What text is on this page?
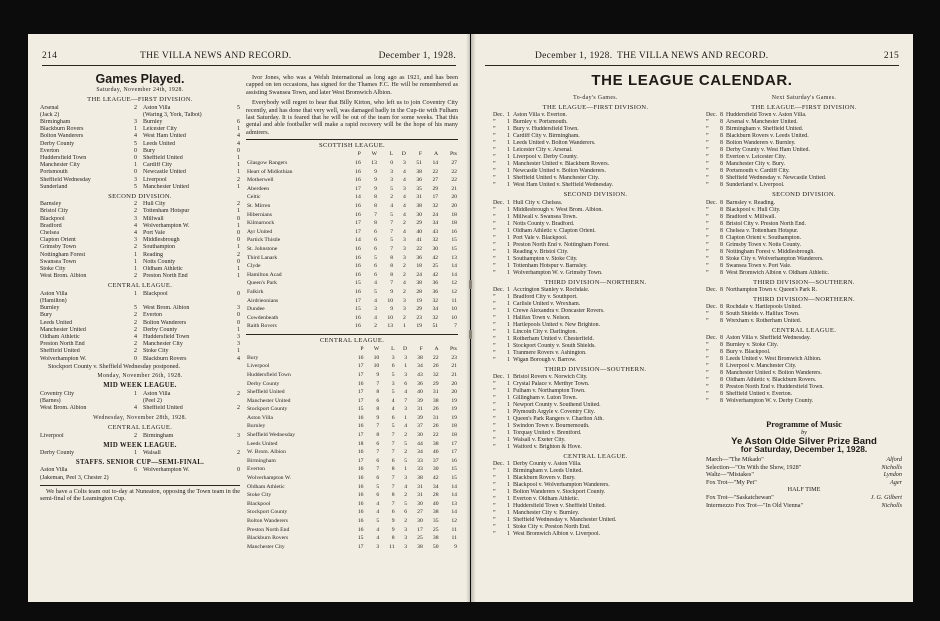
214	THE VILLA NEWS AND RECORD.	December 1, 1928.
Games Played.
Saturday, November 24th, 1928.
THE LEAGUE—FIRST DIVISION.
Arsenal	2 Aston Villa	5
(Jack 2)	(Waring 3, York, Talbot)
Birmingham	3 Burnley	6
Blackburn Rovers	1 Leicester City	1
Bolton Wanderers	4 West Ham United	4
Derby County	5 Leeds United	4
Everton	0 Bury	0
Huddersfield Town	0 Sheffield United	1
Manchester City	1 Cardiff City	1
Portsmouth	0 Newcastle United	1
Sheffield Wednesday	3 Liverpool	2
Sunderland	5 Manchester United	1
SECOND DIVISION.
Barnsley	2 Hull City	2
Bristol City	2 Tottenham Hotspur	1
Blackpool	3 Millwall	0
Bradford	4 Wolverhampton W.	1
Chelsea	4 Port Vale	0
Clapton Orient	3 Middlesbrough	0
Grimsby Town	2 Southampton	1
Nottingham Forest	1 Reading	2
Swansea Town	1 Notts County	0
Stoke City	1 Oldham Athletic	1
West Brom. Albion	2 Preston North End	1
CENTRAL LEAGUE.
Aston Villa	1 Blackpool	0
(Hamilton)
Burnley	5 West Brom. Albion	3
Bury	2 Everton	0
Leeds United	2 Bolton Wanderers	0
Manchester United	2 Derby County	1
Oldham Athletic	4 Huddersfield Town	3
Preston North End	2 Manchester City	3
Sheffield United	2 Stoke City	1
Wolverhampton W.	0 Blackburn Rovers	4
Stockport County v. Sheffield Wednesday postponed.
Monday, November 26th, 1928.
MID WEEK LEAGUE.
Coventry City	1 Aston Villa	2
(Barnes)	(Peel 2)
West Brom. Albion	4 Sheffield United	2
Wednesday, November 28th, 1928.
CENTRAL LEAGUE.
Liverpool	2 Birmingham	3
MID WEEK LEAGUE.
Derby County	1 Walsall	2
STAFFS. SENIOR CUP—SEMI-FINAL.
Aston Villa	6 Wolverhampton W.	0
(Jakeman, Peel 3, Chester 2)
We have a Colts team out to-day at Nuneaton, opposing the Town team in the semi-final of the Leamington Cup.

Ivor Jones, who was a Welsh International as long ago as 1921, and has been capped on ten occasions, has signed for the Thames F.C. He will be remembered as assisting Swansea Town, and later West Bromwich Albion.

Everybody will regret to hear that Billy Kirton, who left us to join Coventry City recently, and has done that very well, was damaged badly in the Cup-tie with Fulham last Saturday. It is feared that he will be out of the team for some weeks. That this genial and able footballer will make a rapid recovery will be the hope of his many admirers.

SCOTTISH LEAGUE.
	P	W	L	D	F	A	Pts
Glasgow Rangers	16	13	0	3	51	14	27
Heart of Midlothian	16	9	3	4	38	22	22
Motherwell	16	9	3	4	36	27	22
Aberdeen	17	9	5	3	35	29	21
Celtic	14	8	2	4	31	17	20
St. Mirren	16	8	4	4	38	32	20
Hibernians	16	7	5	4	30	24	18
Kilmarnock	17	8	7	2	29	34	18
Ayr United	17	6	7	4	40	43	16
Partick Thistle	14	6	5	3	41	32	15
St. Johnstone	16	6	7	3	22	30	15
Third Lanark	16	5	8	3	36	42	13
Clyde	16	6	8	2	18	25	14
Hamilton Acad	16	6	8	2	24	42	14
Queen's Park	15	4	7	4	38	36	12
Falkirk	16	5	9	2	28	36	12
Airdrieonians	17	4	10	3	19	32	11
Dundee	15	3	9	3	29	34	10
Cowdenbeath	16	4	10	2	23	32	10
Raith Rovers	16	2	13	1	19	51	7
CENTRAL LEAGUE.
	P	W	L	D	F	A	Pts
Bury	16	10	3	3	38	22	23
Liverpool	17	10	6	1	34	26	21
Huddersfield Town	17	9	5	3	43	32	21
Derby County	16	7	3	6	36	29	20
Sheffield United	17	8	5	4	40	31	20
Manchester United	17	6	4	7	39	38	19
Stockport County	15	8	4	3	31	26	19
Aston Villa	16	9	6	1	39	31	19
Burnley	16	7	5	4	37	26	18
Sheffield Wednesday	17	8	7	2	30	22	18
Leeds United	18	6	7	5	44	38	17
W. Brom. Albion	16	7	7	2	34	46	17
Birmingham	17	6	6	5	33	37	16
Everton	16	7	8	1	33	30	15
Wolverhampton W.	16	6	7	3	38	42	15
Oldham Athletic	16	5	7	4	31	34	14
Stoke City	16	6	8	2	31	28	14
Blackpool	16	4	7	5	30	40	13
Stockport County	16	4	6	6	27	38	14
Bolton Wanderers	16	5	9	2	30	35	12
Preston North End	16	4	9	3	17	25	11
Blackburn Rovers	15	4	8	3	25	38	11
Manchester City	17	3	11	3	38	50	9
December 1, 1928. THE VILLA NEWS AND RECORD.	215
THE LEAGUE CALENDAR.
To-day's Games.
THE LEAGUE—FIRST DIVISION.
Dec. 1 Aston Villa v. Everton.
”	1 Burnley v. Portsmouth.
”	1 Bury v. Huddersfield Town.
”	1 Cardiff City v. Birmingham.
”	1 Leeds United v. Bolton Wanderers.
”	1 Leicester City v. Arsenal.
”	1 Liverpool v. Derby County.
”	1 Manchester United v. Blackburn Rovers.
”	1 Newcastle United v. Bolton Wanderers.
”	1 Sheffield United v. Manchester City.
”	1 West Ham United v. Sheffield Wednesday.
SECOND DIVISION.
Dec. 1 Hull City v. Chelsea.
”	1 Middlesbrough v. West Brom. Albion.
”	1 Millwall v. Swansea Town.
”	1 Notts County v. Bradford.
”	1 Oldham Athletic v. Clapton Orient.
”	1 Port Vale v. Blackpool.
”	1 Preston North End v. Nottingham Forest.
”	1 Reading v. Bristol City.
”	1 Southampton v. Stoke City.
”	1 Tottenham Hotspur v. Barnsley.
”	1 Wolverhampton W. v. Grimsby Town.
THIRD DIVISION—NORTHERN.
Dec. 1 Accrington Stanley v. Rochdale.
”	1 Bradford City v. Southport.
”	1 Carlisle United v. Wrexham.
”	1 Crewe Alexandra v. Doncaster Rovers.
”	1 Halifax Town v. Nelson.
”	1 Hartlepools United v. New Brighton.
”	1 Lincoln City v. Darlington.
”	1 Rotherham United v. Chesterfield.
”	1 Stockport County v. South Shields.
”	1 Tranmere Rovers v. Ashington.
”	1 Wigan Borough v. Barrow.
THIRD DIVISION—SOUTHERN.
Dec. 1 Bristol Rovers v. Norwich City.
”	1 Crystal Palace v. Merthyr Town.
”	1 Fulham v. Northampton Town.
”	1 Gillingham v. Luton Town.
”	1 Newport County v. Southend United.
”	1 Plymouth Argyle v. Coventry City.
”	1 Queen's Park Rangers v. Charlton Ath.
”	1 Swindon Town v. Bournemouth.
”	1 Torquay United v. Brentford.
”	1 Walsall v. Exeter City.
”	1 Watford v. Brighton & Hove.
CENTRAL LEAGUE.
Dec. 1 Derby County v. Aston Villa.
”	1 Birmingham v. Leeds United.
”	1 Blackburn Rovers v. Bury.
”	1 Blackpool v. Wolverhampton Wanderers.
”	1 Bolton Wanderers v. Stockport County.
”	1 Everton v. Oldham Athletic.
”	1 Huddersfield Town v. Sheffield United.
”	1 Manchester City v. Burnley.
”	1 Sheffield Wednesday v. Manchester United.
”	1 Stoke City v. Preston North End.
”	1 West Bromwich Albion v. Liverpool.
Next Saturday's Games.
THE LEAGUE—FIRST DIVISION.
Dec. 8 Huddersfield Town v. Aston Villa.
”	8 Arsenal v. Manchester United.
”	8 Birmingham v. Sheffield United.
”	8 Blackburn Rovers v. Leeds United.
”	8 Bolton Wanderers v. Burnley.
”	8 Derby County v. West Ham United.
”	8 Everton v. Leicester City.
”	8 Manchester City v. Bury.
”	8 Portsmouth v. Cardiff City.
”	8 Sheffield Wednesday v. Newcastle United.
”	8 Sunderland v. Liverpool.
SECOND DIVISION.
Dec. 8 Barnsley v. Reading.
”	8 Blackpool v. Hull City.
”	8 Bradford v. Millwall.
”	8 Bristol City v. Preston North End.
”	8 Chelsea v. Tottenham Hotspur.
”	8 Clapton Orient v. Southampton.
”	8 Grimsby Town v. Notts County.
”	8 Nottingham Forest v. Middlesbrough.
”	8 Stoke City v. Wolverhampton Wanderers.
”	8 Swansea Town v. Port Vale.
”	8 West Bromwich Albion v. Oldham Athletic.
THIRD DIVISION—SOUTHERN.
Dec. 8 Northampton Town v. Queen's Park R.
THIRD DIVISION—NORTHERN.
Dec. 8 Rochdale v. Hartlepools United.
”	8 South Shields v. Halifax Town.
”	8 Wrexham v. Rotherham United.
CENTRAL LEAGUE.
Dec. 8 Aston Villa v. Sheffield Wednesday.
”	8 Burnley v. Stoke City.
”	8 Bury v. Blackpool.
”	8 Leeds United v. West Bromwich Albion.
”	8 Liverpool v. Manchester City.
”	8 Manchester United v. Bolton Wanderers.
”	8 Oldham Athletic v. Blackburn Rovers.
”	8 Preston North End v. Huddersfield Town.
”	8 Sheffield United v. Everton.
”	8 Wolverhampton W. v. Derby County.
Programme of Music
by
Ye Aston Olde Silver Prize Band
for Saturday, December 1, 1928.
March—"The Mikado"	Alford
Selection—"On With the Show, 1928"	Nicholls
Waltz—"Mistakes"	Lyndon
Fox Trot—"My Pet"	Ager
HALF TIME
Fox Trot—"Saskatchewan"	J. G. Gilbert
Intermezzo Fox Trot—"In Old Vienna"	Nicholls
